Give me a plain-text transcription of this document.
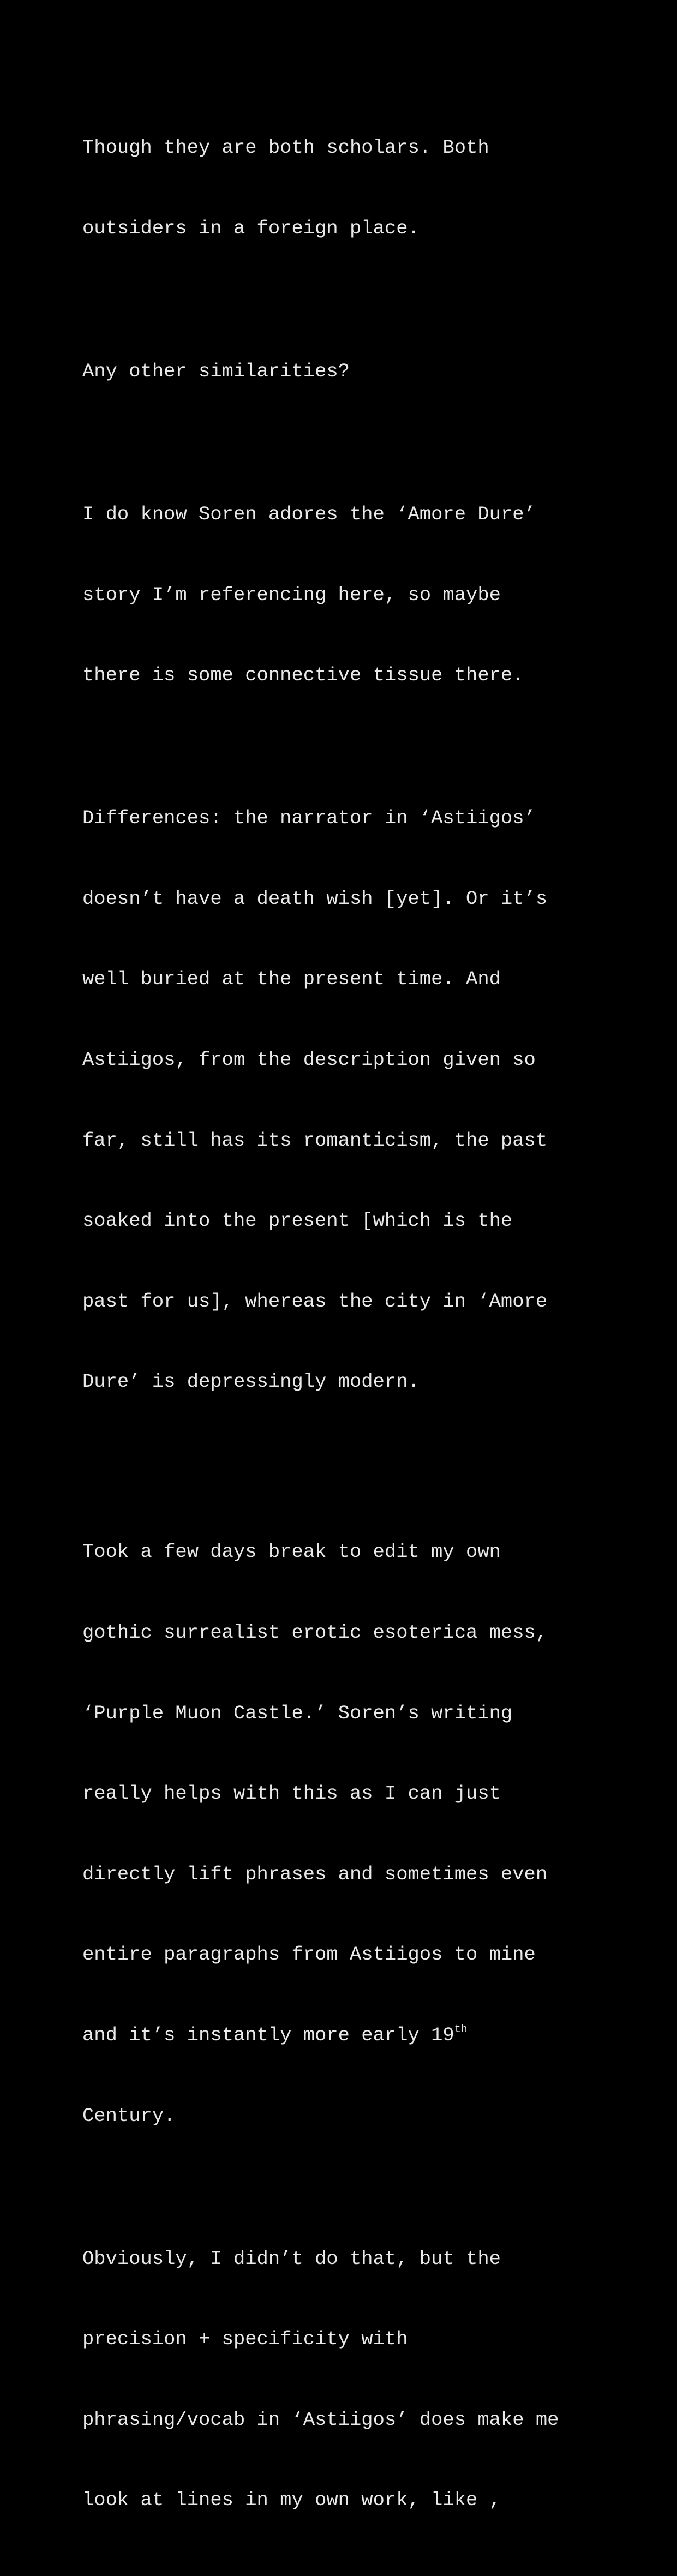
Though they are both scholars. Both

outsiders in a foreign place.

Any other similarities?

I do know Soren adores the ‘Amore Dure’

story I’m referencing here, so maybe

there is some connective tissue there.

Differences: the narrator in ‘Astiigos’

doesn’t have a death wish [yet]. Or it’s

well buried at the present time. And

Astiigos, from the description given so

far, still has its romanticism, the past

soaked into the present [which is the

past for us], whereas the city in ‘Amore

Dure’ is depressingly modern.

Took a few days break to edit my own

gothic surrealist erotic esoterica mess,

‘Purple Muon Castle.’ Soren’s writing

really helps with this as I can just

directly lift phrases and sometimes even

entire paragraphs from Astiigos to mine

and it’s instantly more early 19th

Century.

Obviously, I didn’t do that, but the

precision + specificity with

phrasing/vocab in ‘Astiigos’ does make me

look at lines in my own work, like ,
